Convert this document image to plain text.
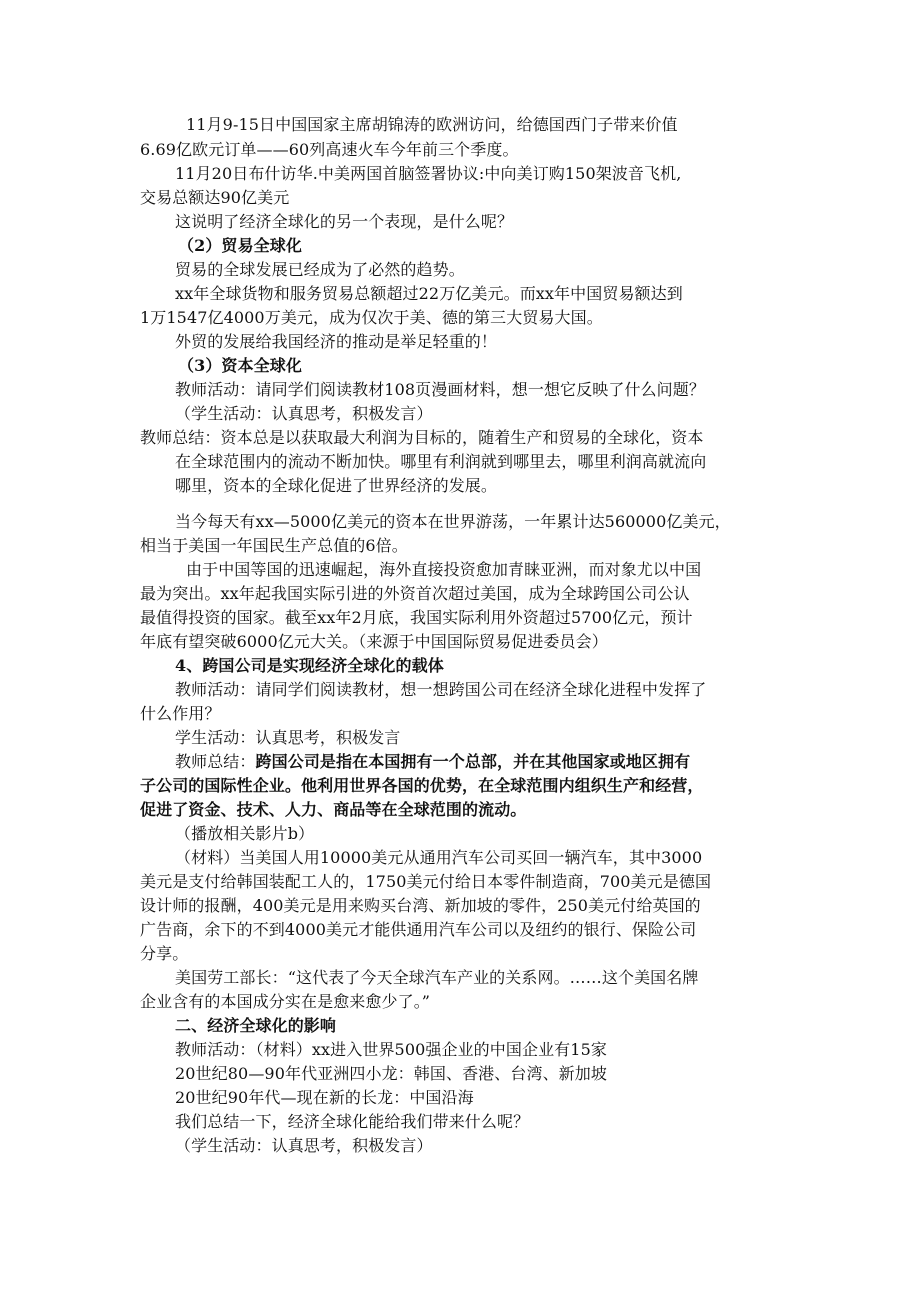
11月9-15日中国国家主席胡锦涛的欧洲访问，给德国西门子带来价值
6.69亿欧元订单——60列高速火车今年前三个季度。
11月20日布什访华.中美两国首脑签署协议:中向美订购150架波音飞机,
交易总额达90亿美元
这说明了经济全球化的另一个表现，是什么呢？
（2）贸易全球化
贸易的全球发展已经成为了必然的趋势。
xx年全球货物和服务贸易总额超过22万亿美元。而xx年中国贸易额达到
1万1547亿4000万美元，成为仅次于美、德的第三大贸易大国。
外贸的发展给我国经济的推动是举足轻重的！
（3）资本全球化
教师活动：请同学们阅读教材108页漫画材料，想一想它反映了什么问题？
（学生活动：认真思考，积极发言）
教师总结：资本总是以获取最大利润为目标的，随着生产和贸易的全球化，资本
在全球范围内的流动不断加快。哪里有利润就到哪里去，哪里利润高就流向
哪里，资本的全球化促进了世界经济的发展。
当今每天有xx—5000亿美元的资本在世界游荡，一年累计达560000亿美元，
相当于美国一年国民生产总值的6倍。
由于中国等国的迅速崛起，海外直接投资愈加青睐亚洲，而对象尤以中国
最为突出。xx年起我国实际引进的外资首次超过美国，成为全球跨国公司公认
最值得投资的国家。截至xx年2月底，我国实际利用外资超过5700亿元，预计
年底有望突破6000亿元大关。（来源于中国国际贸易促进委员会）
4、跨国公司是实现经济全球化的载体
教师活动：请同学们阅读教材，想一想跨国公司在经济全球化进程中发挥了
什么作用？
学生活动：认真思考，积极发言
教师总结：跨国公司是指在本国拥有一个总部，并在其他国家或地区拥有
子公司的国际性企业。他利用世界各国的优势，在全球范围内组织生产和经营，
促进了资金、技术、人力、商品等在全球范围的流动。
（播放相关影片b）
（材料）当美国人用10000美元从通用汽车公司买回一辆汽车，其中3000
美元是支付给韩国装配工人的，1750美元付给日本零件制造商，700美元是德国
设计师的报酬，400美元是用来购买台湾、新加坡的零件，250美元付给英国的
广告商，余下的不到4000美元才能供通用汽车公司以及纽约的银行、保险公司
分享。
美国劳工部长：“这代表了今天全球汽车产业的关系网。……这个美国名牌
企业含有的本国成分实在是愈来愈少了。”
二、经济全球化的影响
教师活动：（材料）xx进入世界500强企业的中国企业有15家
20世纪80—90年代亚洲四小龙：韩国、香港、台湾、新加坡
20世纪90年代—现在新的长龙：中国沿海
我们总结一下，经济全球化能给我们带来什么呢？
（学生活动：认真思考，积极发言）
